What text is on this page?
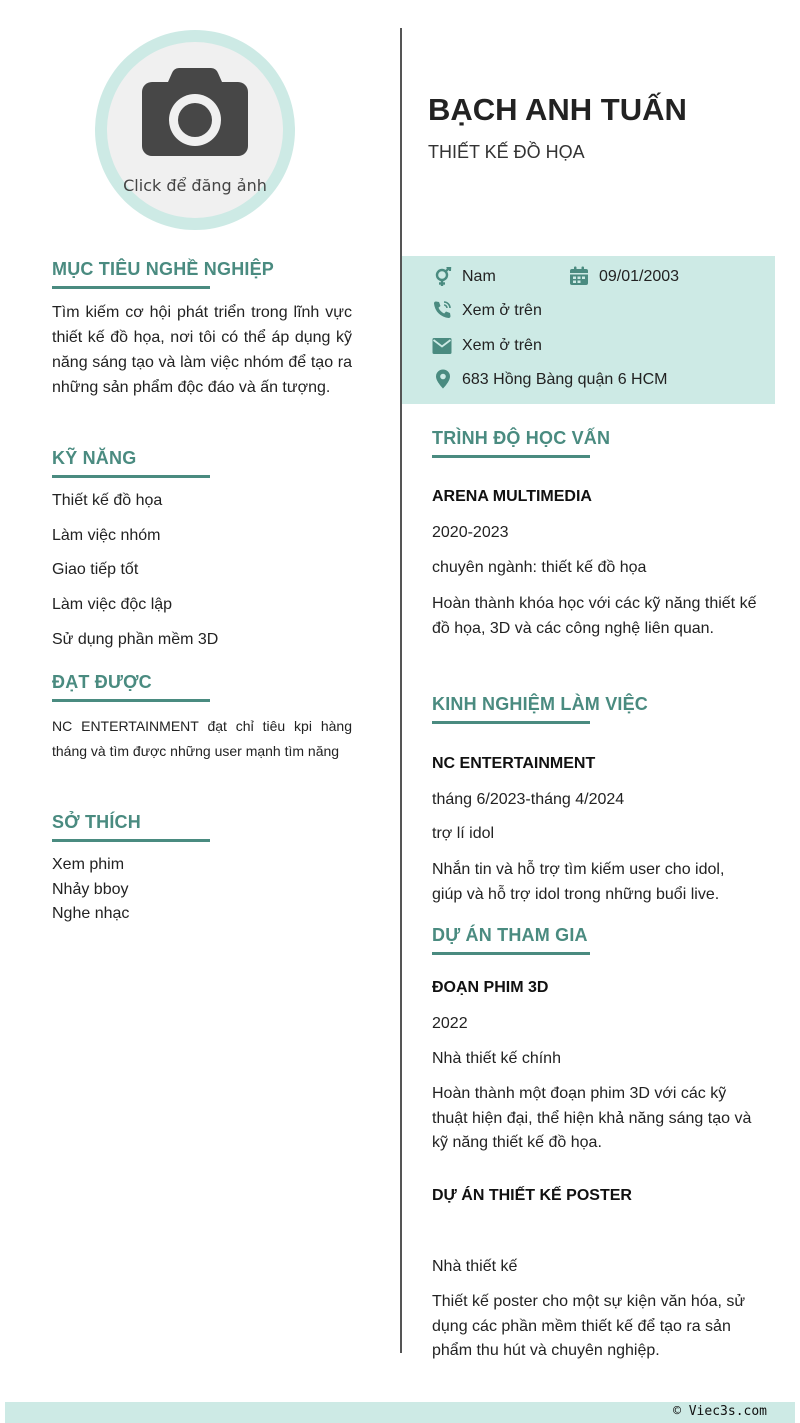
Click để đăng ảnh
MỤC TIÊU NGHỀ NGHIỆP
Tìm kiếm cơ hội phát triển trong lĩnh vực thiết kế đồ họa, nơi tôi có thể áp dụng kỹ năng sáng tạo và làm việc nhóm để tạo ra những sản phẩm độc đáo và ấn tượng.
KỸ NĂNG
Thiết kế đồ họa
Làm việc nhóm
Giao tiếp tốt
Làm việc độc lập
Sử dụng phần mềm 3D
ĐẠT ĐƯỢC
NC ENTERTAINMENT đạt chỉ tiêu kpi hàng tháng và tìm được những user mạnh tìm năng
SỞ THÍCH
Xem phim
Nhảy bboy
Nghe nhạc
BẠCH ANH TUẤN
THIẾT KẾ ĐỒ HỌA
Nam	09/01/2003
Xem ở trên
Xem ở trên
683 Hồng Bàng quận 6 HCM
TRÌNH ĐỘ HỌC VẤN
ARENA MULTIMEDIA
2020-2023
chuyên ngành: thiết kế đồ họa
Hoàn thành khóa học với các kỹ năng thiết kế đồ họa, 3D và các công nghệ liên quan.
KINH NGHIỆM LÀM VIỆC
NC ENTERTAINMENT
tháng 6/2023-tháng 4/2024
trợ lí idol
Nhắn tin và hỗ trợ tìm kiếm user cho idol, giúp và hỗ trợ idol trong những buổi live.
DỰ ÁN THAM GIA
ĐOẠN PHIM 3D
2022
Nhà thiết kế chính
Hoàn thành một đoạn phim 3D với các kỹ thuật hiện đại, thể hiện khả năng sáng tạo và kỹ năng thiết kế đồ họa.
DỰ ÁN THIẾT KẾ POSTER
Nhà thiết kế
Thiết kế poster cho một sự kiện văn hóa, sử dụng các phần mềm thiết kế để tạo ra sản phẩm thu hút và chuyên nghiệp.
© Viec3s.com
